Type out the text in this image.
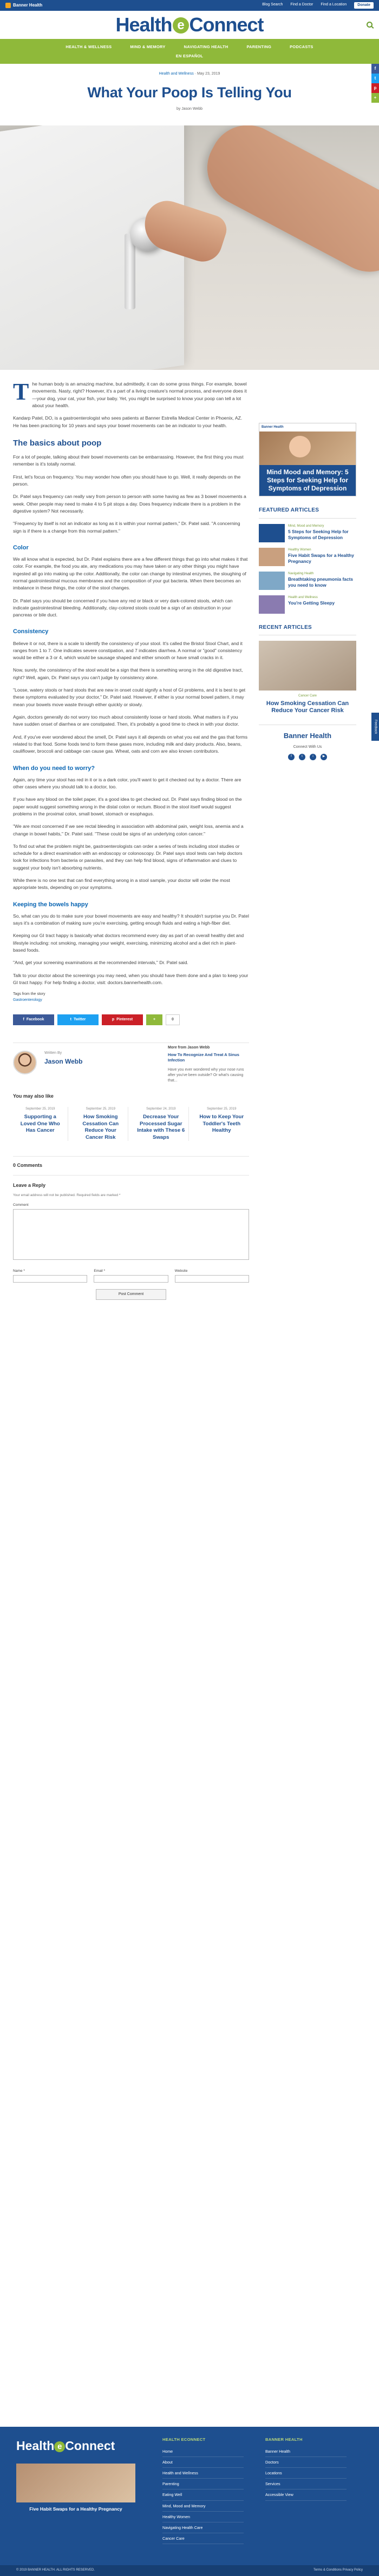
Banner Health	Blog Search Find a Doctor Find a Location	Donate
Health e Connect
HEALTH & WELLNESS	MIND & MEMORY	NAVIGATING HEALTH	PARENTING	PODCASTS
EN ESPAÑOL
f
t
p
+
Feedback
Health and Wellness · May 23, 2019
What Your Poop Is Telling You
by Jason Webb

The human body is an amazing machine, but admittedly, it can do some gross things. For example, bowel movements. Nasty, right? However, it's a part of a living creature's normal process, and everyone does it—your dog, your cat, your fish, your baby. Yet, you might be surprised to know your poop can tell a lot about your health.

Kandarp Patel, DO, is a gastroenterologist who sees patients at Banner Estrella Medical Center in Phoenix, AZ. He has been practicing for 10 years and says your bowel movements can be an indicator to your health.

The basics about poop

For a lot of people, talking about their bowel movements can be embarrassing. However, the first thing you must remember is it's totally normal.

First, let's focus on frequency. You may wonder how often you should have to go. Well, it really depends on the person.

Dr. Patel says frequency can really vary from person to person with some having as few as 3 bowel movements a week. Other people may need to make 4 to 5 pit stops a day. Does frequency indicate there is a problem in the digestive system? Not necessarily.

"Frequency by itself is not an indicator as long as it is within your normal pattern," Dr. Patel said. "A concerning sign is if there is a change from this normal pattern."

Color

We all know what is expected, but Dr. Patel explains there are a few different things that go into what makes it that color. For example, the food you ate, any medications you may have taken or any other things you might have ingested all go into making up the color. Additionally, the color can change by intestinal enzymes, the sloughing of normal gastrointestinal mucous membranes and the composition of your gut bacteria. When there becomes an imbalance in these things, the color of the stool changes.

Dr. Patel says you should be concerned if you have any red or black or very dark-colored stools, which can indicate gastrointestinal bleeding. Additionally, clay-colored stools could be a sign of an obstruction in your pancreas or bile duct.

Consistency

Believe it or not, there is a scale to identify the consistency of your stool. It's called the Bristol Stool Chart, and it ranges from 1 to 7. One indicates severe constipation, and 7 indicates diarrhea. A normal or "good" consistency would be either a 3 or 4, which would be sausage shaped and either smooth or have small cracks in it.

Now, surely, the consistency of the stool would be a sign that there is something wrong in the old digestive tract, right? Well, again, Dr. Patel says you can't judge by consistency alone.

"Loose, watery stools or hard stools that are new in onset could signify a host of GI problems, and it is best to get these symptoms evaluated by your doctor," Dr. Patel said. However, if either is your normal bowel pattern, it may mean your bowels move waste through either quickly or slowly.

Again, doctors generally do not worry too much about consistently loose or hard stools. What matters is if you have sudden onset of diarrhea or are constipated. Then, it's probably a good time to check in with your doctor.

And, if you've ever wondered about the smell, Dr. Patel says it all depends on what you eat and the gas that forms related to that food. Some foods tend to form these gases more, including milk and dairy products. Also, beans, cauliflower, broccoli and cabbage can cause gas. Wheat, oats and corn are also known contributors.

When do you need to worry?

Again, any time your stool has red in it or is a dark color, you'll want to get it checked out by a doctor. There are other cases where you should talk to a doctor, too.

If you have any blood on the toilet paper, it's a good idea to get checked out. Dr. Patel says finding blood on the paper would suggest something wrong in the distal colon or rectum. Blood in the stool itself would suggest problems in the proximal colon, small bowel, stomach or esophagus.

"We are most concerned if we see rectal bleeding in association with abdominal pain, weight loss, anemia and a change in bowel habits," Dr. Patel said. "These could be signs of an underlying colon cancer."

To find out what the problem might be, gastroenterologists can order a series of tests including stool studies or schedule for a direct examination with an endoscopy or colonoscopy. Dr. Patel says stool tests can help doctors look for infections from bacteria or parasites, and they can help find blood, signs of inflammation and clues to suggest your body isn't absorbing nutrients.

While there is no one test that can find everything wrong in a stool sample, your doctor will order the most appropriate tests, depending on your symptoms.

Keeping the bowels happy

So, what can you do to make sure your bowel movements are easy and healthy? It shouldn't surprise you Dr. Patel says it's a combination of making sure you're exercising, getting enough fluids and eating a high-fiber diet.

Keeping our GI tract happy is basically what doctors recommend every day as part of an overall healthy diet and lifestyle including: not smoking, managing your weight, exercising, minimizing alcohol and a diet rich in plant-based foods.

"And, get your screening examinations at the recommended intervals," Dr. Patel said.

Talk to your doctor about the screenings you may need, when you should have them done and a plan to keep your GI tract happy. For help finding a doctor, visit: doctors.bannerhealth.com.

Tags from the story
Gastroenterology
f Facebook	t Twitter	p Pinterest	+	0
Written By
Jason Webb
More from Jason Webb
How To Recognize And Treat A Sinus Infection
Have you ever wondered why your nose runs after you've been outside? Or what's causing that...
You may also like
September 25, 2019
Supporting a Loved One Who Has Cancer
September 25, 2019
How Smoking Cessation Can Reduce Your Cancer Risk
September 24, 2019
Decrease Your Processed Sugar Intake with These 6 Swaps
September 25, 2019
How to Keep Your Toddler's Teeth Healthy
0 Comments
Leave a Reply
Your email address will not be published. Required fields are marked *
Comment
Name *	Email *	Website
Post Comment
Banner Health
Mind Mood and Memory: 5 Steps for Seeking Help for Symptoms of Depression
FEATURED ARTICLES
Mind, Mood and Memory
5 Steps for Seeking Help for Symptoms of Depression
Healthy Women
Five Habit Swaps for a Healthy Pregnancy
Navigating Health
Breathtaking pneumonia facts you need to know
Health and Wellness
You're Getting Sleepy
RECENT ARTICLES
Cancer Care
How Smoking Cessation Can Reduce Your Cancer Risk
Banner Health
Connect With Us
f	t	i	▶
Health e Connect
Five Habit Swaps for a Healthy Pregnancy
HEALTH ECONNECT
Home
About
Health and Wellness
Parenting
Eating Well
Mind, Mood and Memory
Healthy Women
Navigating Health Care
Cancer Care
BANNER HEALTH
Banner Health
Doctors
Locations
Services
Accessible View
© 2019 BANNER HEALTH. ALL RIGHTS RESERVED.	Terms & Conditions Privacy Policy
